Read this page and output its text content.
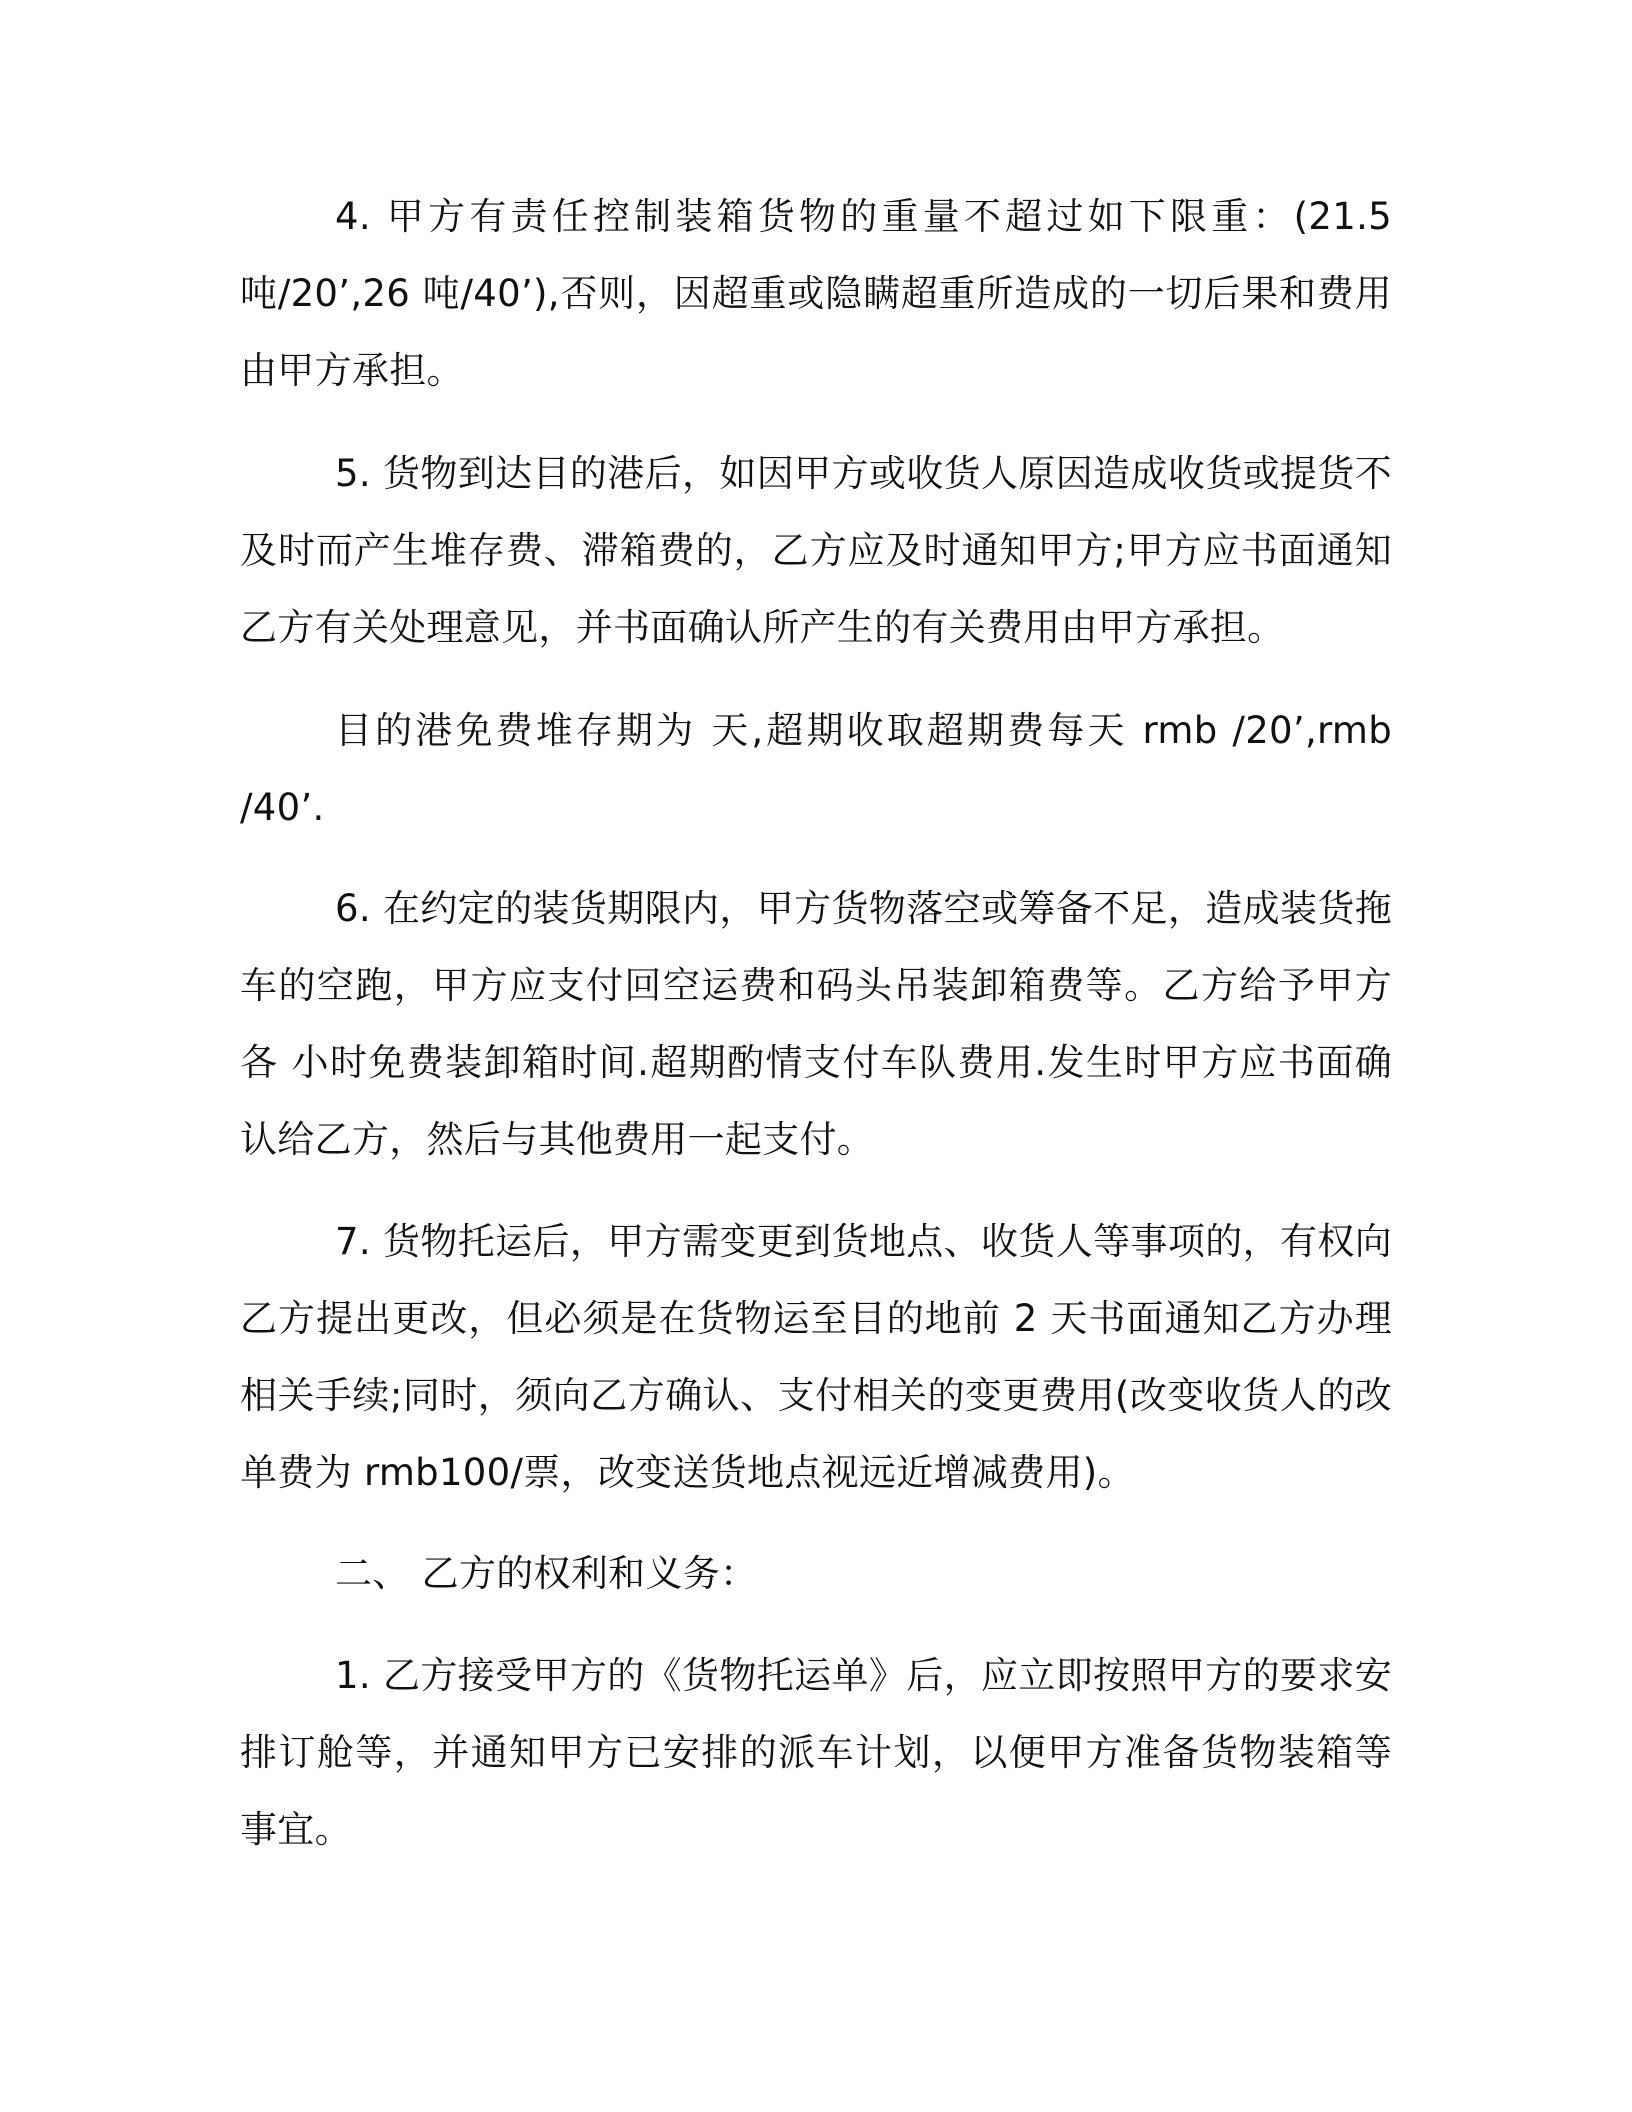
4. 甲方有责任控制装箱货物的重量不超过如下限重：(21.5 吨/20’,26 吨/40’),否则，因超重或隐瞒超重所造成的一切后果和费用由甲方承担。

5. 货物到达目的港后，如因甲方或收货人原因造成收货或提货不及时而产生堆存费、滞箱费的，乙方应及时通知甲方;甲方应书面通知乙方有关处理意见，并书面确认所产生的有关费用由甲方承担。

目的港免费堆存期为 天,超期收取超期费每天 rmb /20’,rmb /40’.

6. 在约定的装货期限内，甲方货物落空或筹备不足，造成装货拖车的空跑，甲方应支付回空运费和码头吊装卸箱费等。乙方给予甲方各 小时免费装卸箱时间.超期酌情支付车队费用.发生时甲方应书面确认给乙方，然后与其他费用一起支付。

7. 货物托运后，甲方需变更到货地点、收货人等事项的，有权向乙方提出更改，但必须是在货物运至目的地前 2 天书面通知乙方办理相关手续;同时，须向乙方确认、支付相关的变更费用(改变收货人的改单费为 rmb100/票，改变送货地点视远近增减费用)。

二、 乙方的权利和义务：

1. 乙方接受甲方的《货物托运单》后，应立即按照甲方的要求安排订舱等，并通知甲方已安排的派车计划，以便甲方准备货物装箱等事宜。
